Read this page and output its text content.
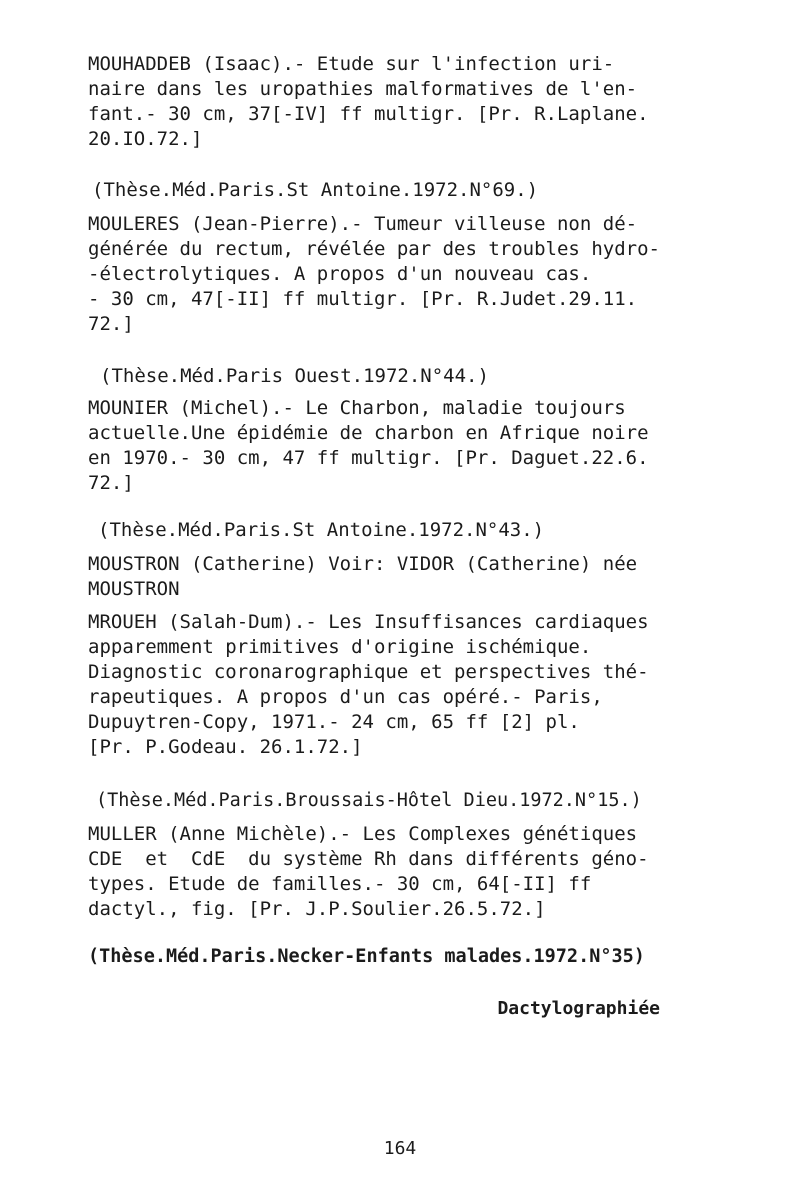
MOUHADDEB (Isaac).- Etude sur l'infection uri-
naire dans les uropathies malformatives de l'en-
fant.- 30 cm, 37[-IV] ff multigr. [Pr. R.Laplane.
20.IO.72.]

(Thèse.Méd.Paris.St Antoine.1972.N°69.)

MOULERES (Jean-Pierre).- Tumeur villeuse non dé-
générée du rectum, révélée par des troubles hydro-
-électrolytiques. A propos d'un nouveau cas.
- 30 cm, 47[-II] ff multigr. [Pr. R.Judet.29.11.
72.]

(Thèse.Méd.Paris Ouest.1972.N°44.)

MOUNIER (Michel).- Le Charbon, maladie toujours
actuelle.Une épidémie de charbon en Afrique noire
en 1970.- 30 cm, 47 ff multigr. [Pr. Daguet.22.6.
72.]

(Thèse.Méd.Paris.St Antoine.1972.N°43.)

MOUSTRON (Catherine) Voir: VIDOR (Catherine) née
MOUSTRON

MROUEH (Salah-Dum).- Les Insuffisances cardiaques
apparemment primitives d'origine ischémique.
Diagnostic coronarographique et perspectives thé-
rapeutiques. A propos d'un cas opéré.- Paris,
Dupuytren-Copy, 1971.- 24 cm, 65 ff [2] pl.
[Pr. P.Godeau. 26.1.72.]

(Thèse.Méd.Paris.Broussais-Hôtel Dieu.1972.N°15.)

MULLER (Anne Michèle).- Les Complexes génétiques
CDE  et  CdE  du système Rh dans différents géno-
types. Etude de familles.- 30 cm, 64[-II] ff
dactyl., fig. [Pr. J.P.Soulier.26.5.72.]

(Thèse.Méd.Paris.Necker-Enfants malades.1972.N°35)

Dactylographiée

164
